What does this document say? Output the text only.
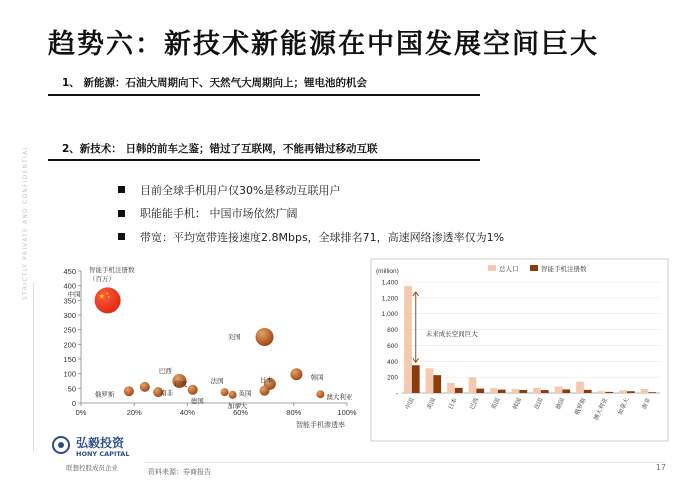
趋势六：新技术新能源在中国发展空间巨大
1、 新能源：石油大周期向下、天然气大周期向上；锂电池的机会
2、新技术： 日韩的前车之鉴；错过了互联网，不能再错过移动互联
目前全球手机用户仅30%是移动互联用户
职能能手机： 中国市场依然广阔
带宽：平均宽带连接速度2.8Mbps，全球排名71，高速网络渗透率仅为1%
STRICTLY PRIVATE AND CONFIDENTIAL
0
50
100
150
200
250
300
350
400
450
0%	20%	40%	60%	80%	100%
智能手机注册数
（百万）
智能手机渗透率
★ ★
★
中国
美国
日本	韩国
英国
俄罗斯
巴西
南非
印度
德国
法国
加拿大
澳大利亚
(million)	总人口	智能手机注册数
-
200
400
600
800
1,000
1,200
1,400
中国 美国 日本 巴西 英国 韩国 法国 德国 俄罗斯 澳大利亚 加拿大 南非
未来成长空间巨大
弘毅投资
HONY CAPITAL
联想控股成员企业	资料来源：券商报告	17
